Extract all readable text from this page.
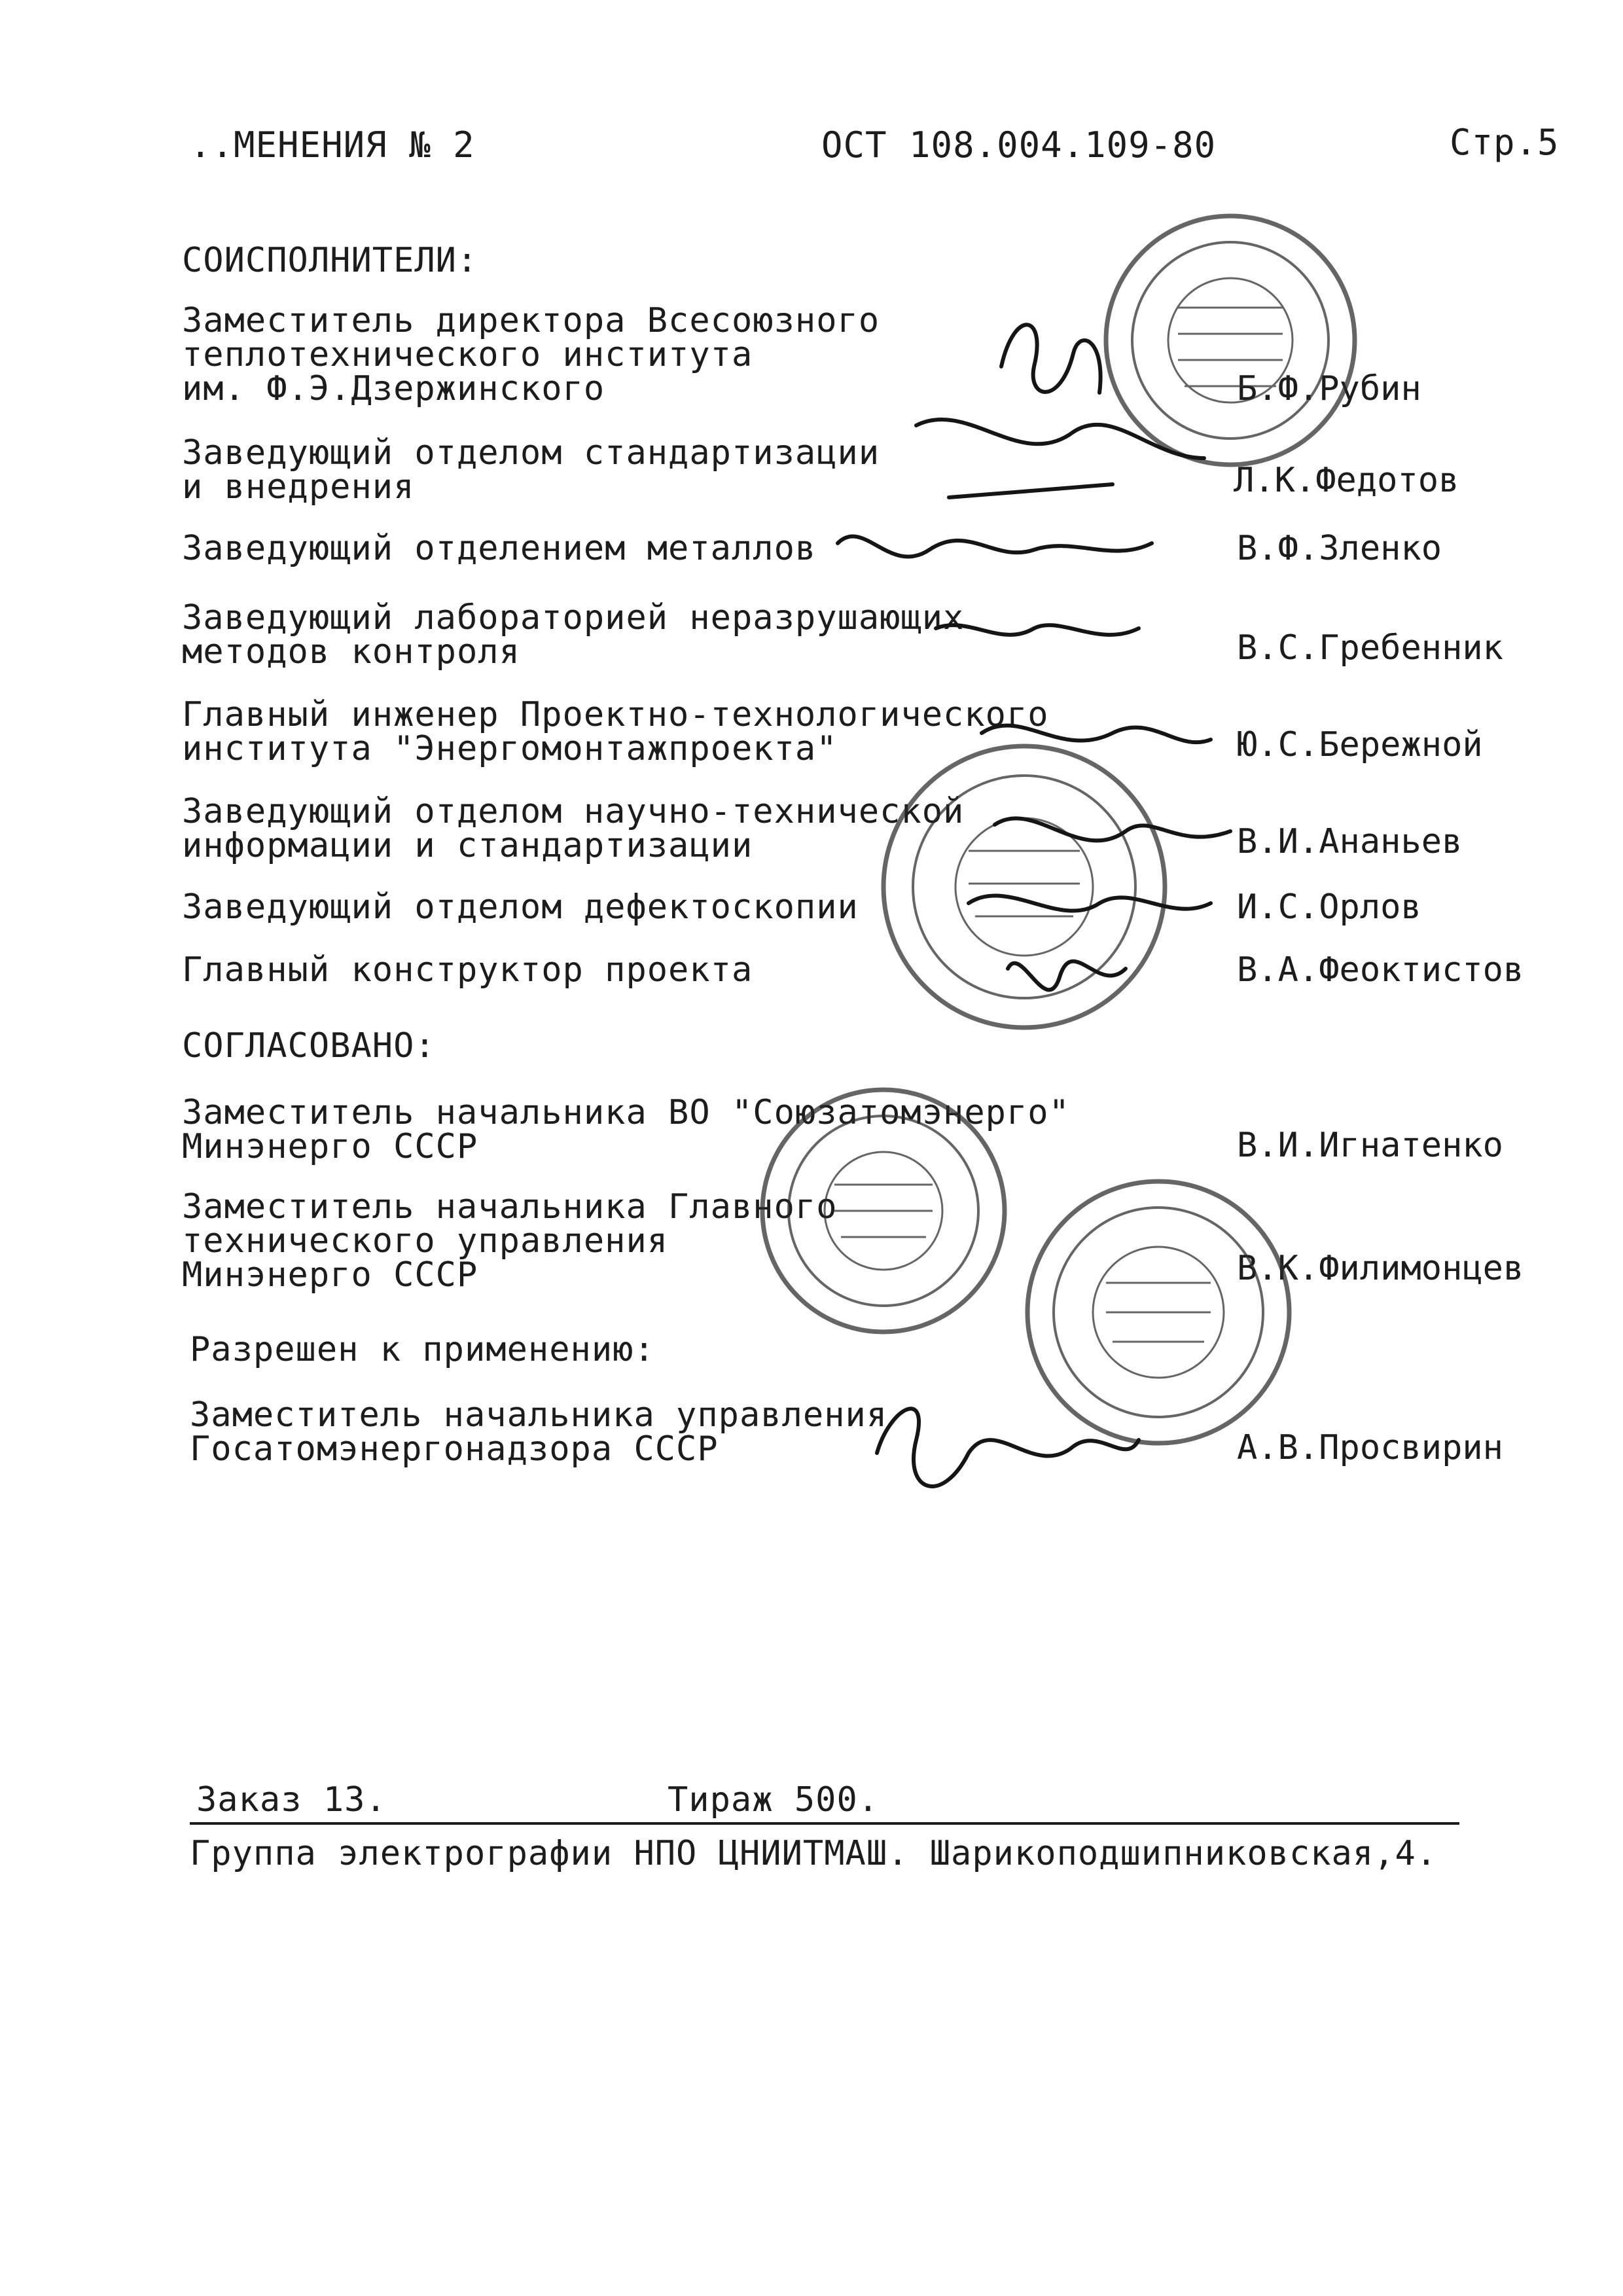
..МЕНЕНИЯ № 2	ОСТ 108.004.109-80	Стр.5
СОИСПОЛНИТЕЛИ:
Заместитель директора Всесоюзного
теплотехнического института
им. Ф.Э.Дзержинского	Б.Ф.Рубин
Заведующий отделом стандартизации
и внедрения	Л.К.Федотов
Заведующий отделением металлов	В.Ф.Зленко
Заведующий лабораторией неразрушающих
методов контроля	В.С.Гребенник
Главный инженер Проектно-технологического
института "Энергомонтажпроекта"	Ю.С.Бережной
Заведующий отделом научно-технической
информации и стандартизации	В.И.Ананьев
Заведующий отделом дефектоскопии	И.С.Орлов
Главный конструктор проекта	В.А.Феоктистов
СОГЛАСОВАНО:
Заместитель начальника ВО "Союзатомэнерго"
Минэнерго СССР	В.И.Игнатенко
Заместитель начальника Главного
технического управления
Минэнерго СССР	В.К.Филимонцев
Разрешен к применению:
Заместитель начальника управления
Госатомэнергонадзора СССР	А.В.Просвирин
Заказ 13.	Тираж 500.
Группа электрографии НПО ЦНИИТМАШ. Шарикоподшипниковская,4.
